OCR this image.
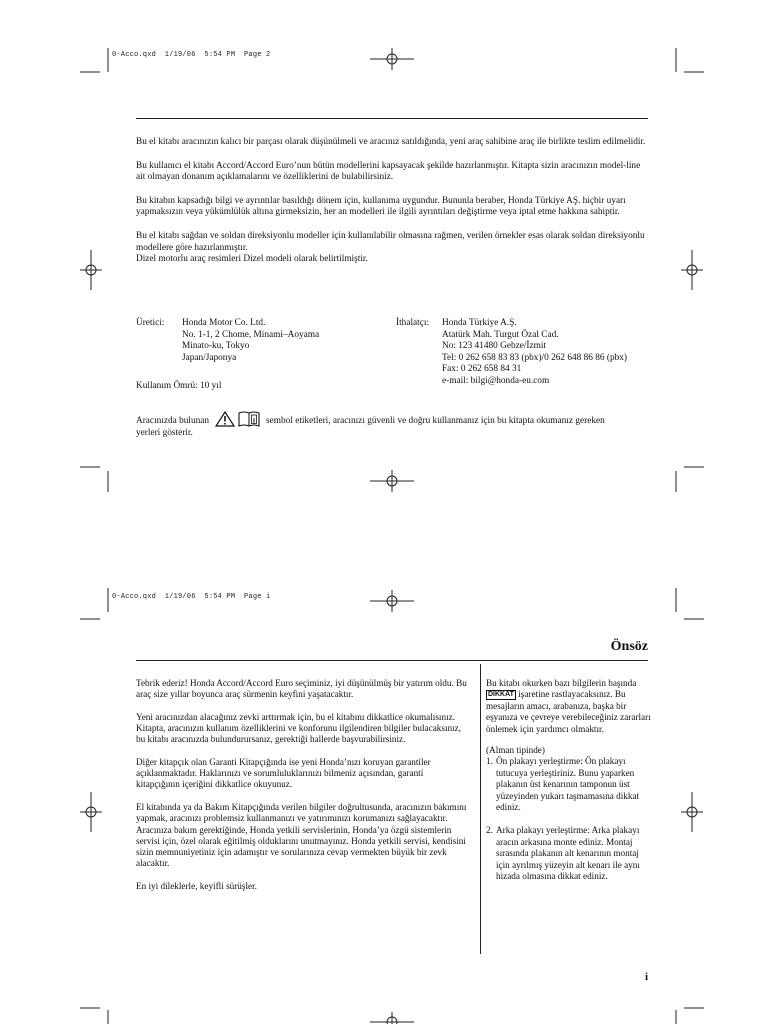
0-Acco.qxd  1/19/06  5:54 PM  Page 2

Bu el kitabı aracınızın kalıcı bir parçası olarak düşünülmeli ve aracınız satıldığında, yeni araç sahibine araç ile birlikte teslim edilmelidir.

Bu kullanıcı el kitabı Accord/Accord Euro’nun bütün modellerini kapsayacak şekilde hazırlanmıştır. Kitapta sizin aracınızın model-line ait olmayan donanım açıklamalarını ve özelliklerini de bulabilirsiniz.

Bu kitabın kapsadığı bilgi ve ayrıntılar basıldığı dönem için, kullanıma uygundur. Bununla beraber, Honda Türkiye AŞ. hiçbir uyarı yapmaksızın veya yükümlülük altına girmeksizin, her an modelleri ile ilgili ayrıntıları değiştirme veya iptal etme hakkına sahiptir.

Bu el kitabı sağdan ve soldan direksiyonlu modeller için kullanılabilir olmasına rağmen, verilen örnekler esas olarak soldan direksiyonlu modellere göre hazırlanmıştır.

Dizel motorlu araç resimleri Dizel modeli olarak belirtilmiştir.

Üretici: Honda Motor Co. Ltd.

No. 1-1, 2 Chome, Minami–Aoyama

Minato-ku, Tokyo

Japan/Japonya

Kullanım Ömrü: 10 yıl
İthalatçı: Honda Türkiye A.Ş.

Atatürk Mah. Turgut Özal Cad.

No: 123 41480 Gebze/İzmit

Tel: 0 262 658 83 83 (pbx)/0 262 648 86 86 (pbx)

Fax: 0 262 658 84 31

e-mail: bilgi@honda-eu.com

Aracınızda bulunan	i sembol etiketleri, aracınızı güvenli ve doğru kullanmanız için bu kitapta okumanız gereken

yerleri gösterir.

0-Acco.qxd  1/19/06  5:54 PM  Page i
Önsöz

Tebrik ederiz! Honda Accord/Accord Euro seçiminiz, iyi düşünülmüş bir yatırım oldu. Bu araç size yıllar boyunca araç sürmenin keyfini yaşatacaktır.

Yeni aracınızdan alacağınız zevki arttırmak için, bu el kitabını dikkatlice okumalısınız. Kitapta, aracınızın kullanım özelliklerini ve konforunu ilgilendiren bilgiler bulacaksınız, bu kitabı aracınızda bulundurursanız, gerektiği hallerde başvurabilirsiniz.

Diğer kitapçık olan Garanti Kitapçığında ise yeni Honda’nızı koruyan garantiler açıklanmaktadır. Haklarınızı ve sorumluluklarınızı bilmeniz açısından, garanti kitapçığının içeriğini dikkatlice okuyunuz.

El kitabında ya da Bakım Kitapçığında verilen bilgiler doğrultusunda, aracınızın bakımını yapmak, aracınızı problemsiz kullanmanızı ve yatırımınızı korumanızı sağlayacaktır. Aracınıza bakım gerektiğinde, Honda yetkili servislerinin, Honda’ya özgü sistemlerin servisi için, özel olarak eğitilmiş olduklarını unutmayınız. Honda yetkili servisi, kendisini sizin memnuniyetiniz için adamıştır ve sorularınıza cevap vermekten büyük bir zevk alacaktır.

En iyi dileklerle, keyifli sürüşler.

Bu kitabı okurken bazı bilgilerin başında DİKKAT işaretine rastlayacaksınız. Bu mesajların amacı, arabanıza, başka bir eşyanıza ve çevreye verebileceğiniz zararları önlemek için yardımcı olmaktır.

(Alman tipinde)

1. Ön plakayı yerleştirme: Ön plakayı tutucuya yerleştiriniz. Bunu yaparken plakanın üst kenarının tamponun üst yüzeyinden yukarı taşmamasına dikkat ediniz.
2. Arka plakayı yerleştirme: Arka plakayı aracın arkasına monte ediniz. Montaj sırasında plakanın alt kenarının montaj için ayrılmış yüzeyin alt kenarı ile aynı hizada olmasına dikkat ediniz.
i
